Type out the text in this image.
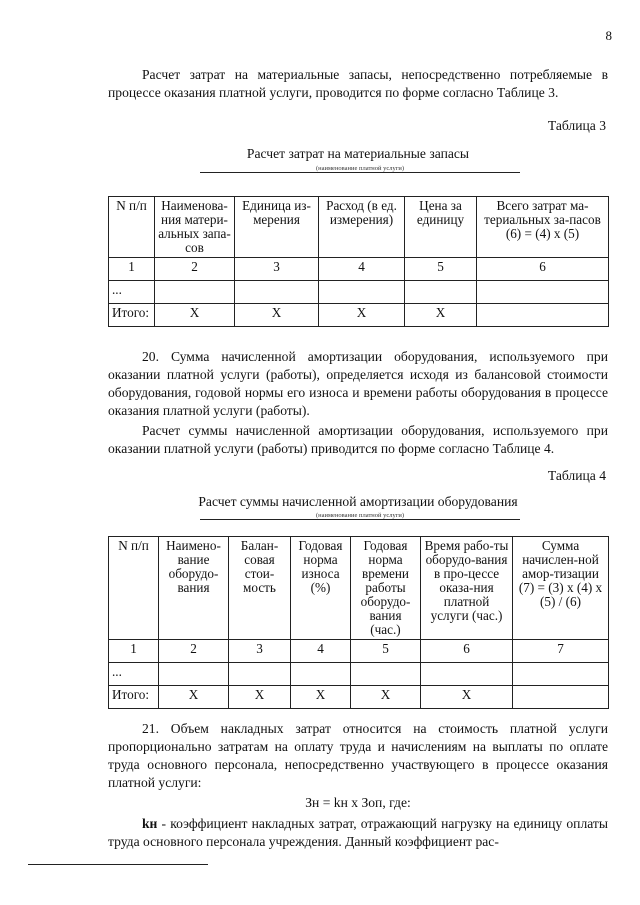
8

Расчет затрат на материальные запасы, непосредственно потребляемые в процессе оказания платной услуги, проводится по форме согласно Таблице 3.

Таблица 3
Расчет затрат на материальные запасы
(наименование платной услуги)
N п/п	Наименова-ния матери-альных запа-сов	Единица из-мерения	Расход (в ед. измерения)	Цена за единицу	Всего затрат ма-териальных за-пасов (6) = (4) x (5)
1	2	3	4	5	6
...					
Итого:	X	X	X	X	

20. Сумма начисленной амортизации оборудования, используемого при оказании платной услуги (работы), определяется исходя из балансовой стоимости оборудования, годовой нормы его износа и времени работы оборудования в процессе оказания платной услуги (работы).

Расчет суммы начисленной амортизации оборудования, используемого при оказании платной услуги (работы) приводится по форме согласно Таблице 4.

Таблица 4
Расчет суммы начисленной амортизации оборудования
(наименование платной услуги)
N п/п	Наимено-вание оборудо-вания	Балан-совая стои-мость	Годовая норма износа (%)	Годовая норма времени работы оборудо-вания (час.)	Время рабо-ты оборудо-вания в про-цессе оказа-ния платной услуги (час.)	Сумма начислен-ной амор-тизации (7) = (3) x (4) x (5) / (6)
1	2	3	4	5	6	7
...						
Итого:	X	X	X	X	X	

21. Объем накладных затрат относится на стоимость платной услуги пропорционально затратам на оплату труда и начислениям на выплаты по оплате труда основного персонала, непосредственно участвующего в процессе оказания платной услуги:

Зн = kн x Зоп, где:

kн - коэффициент накладных затрат, отражающий нагрузку на единицу оплаты труда основного персонала учреждения. Данный коэффициент рас-
